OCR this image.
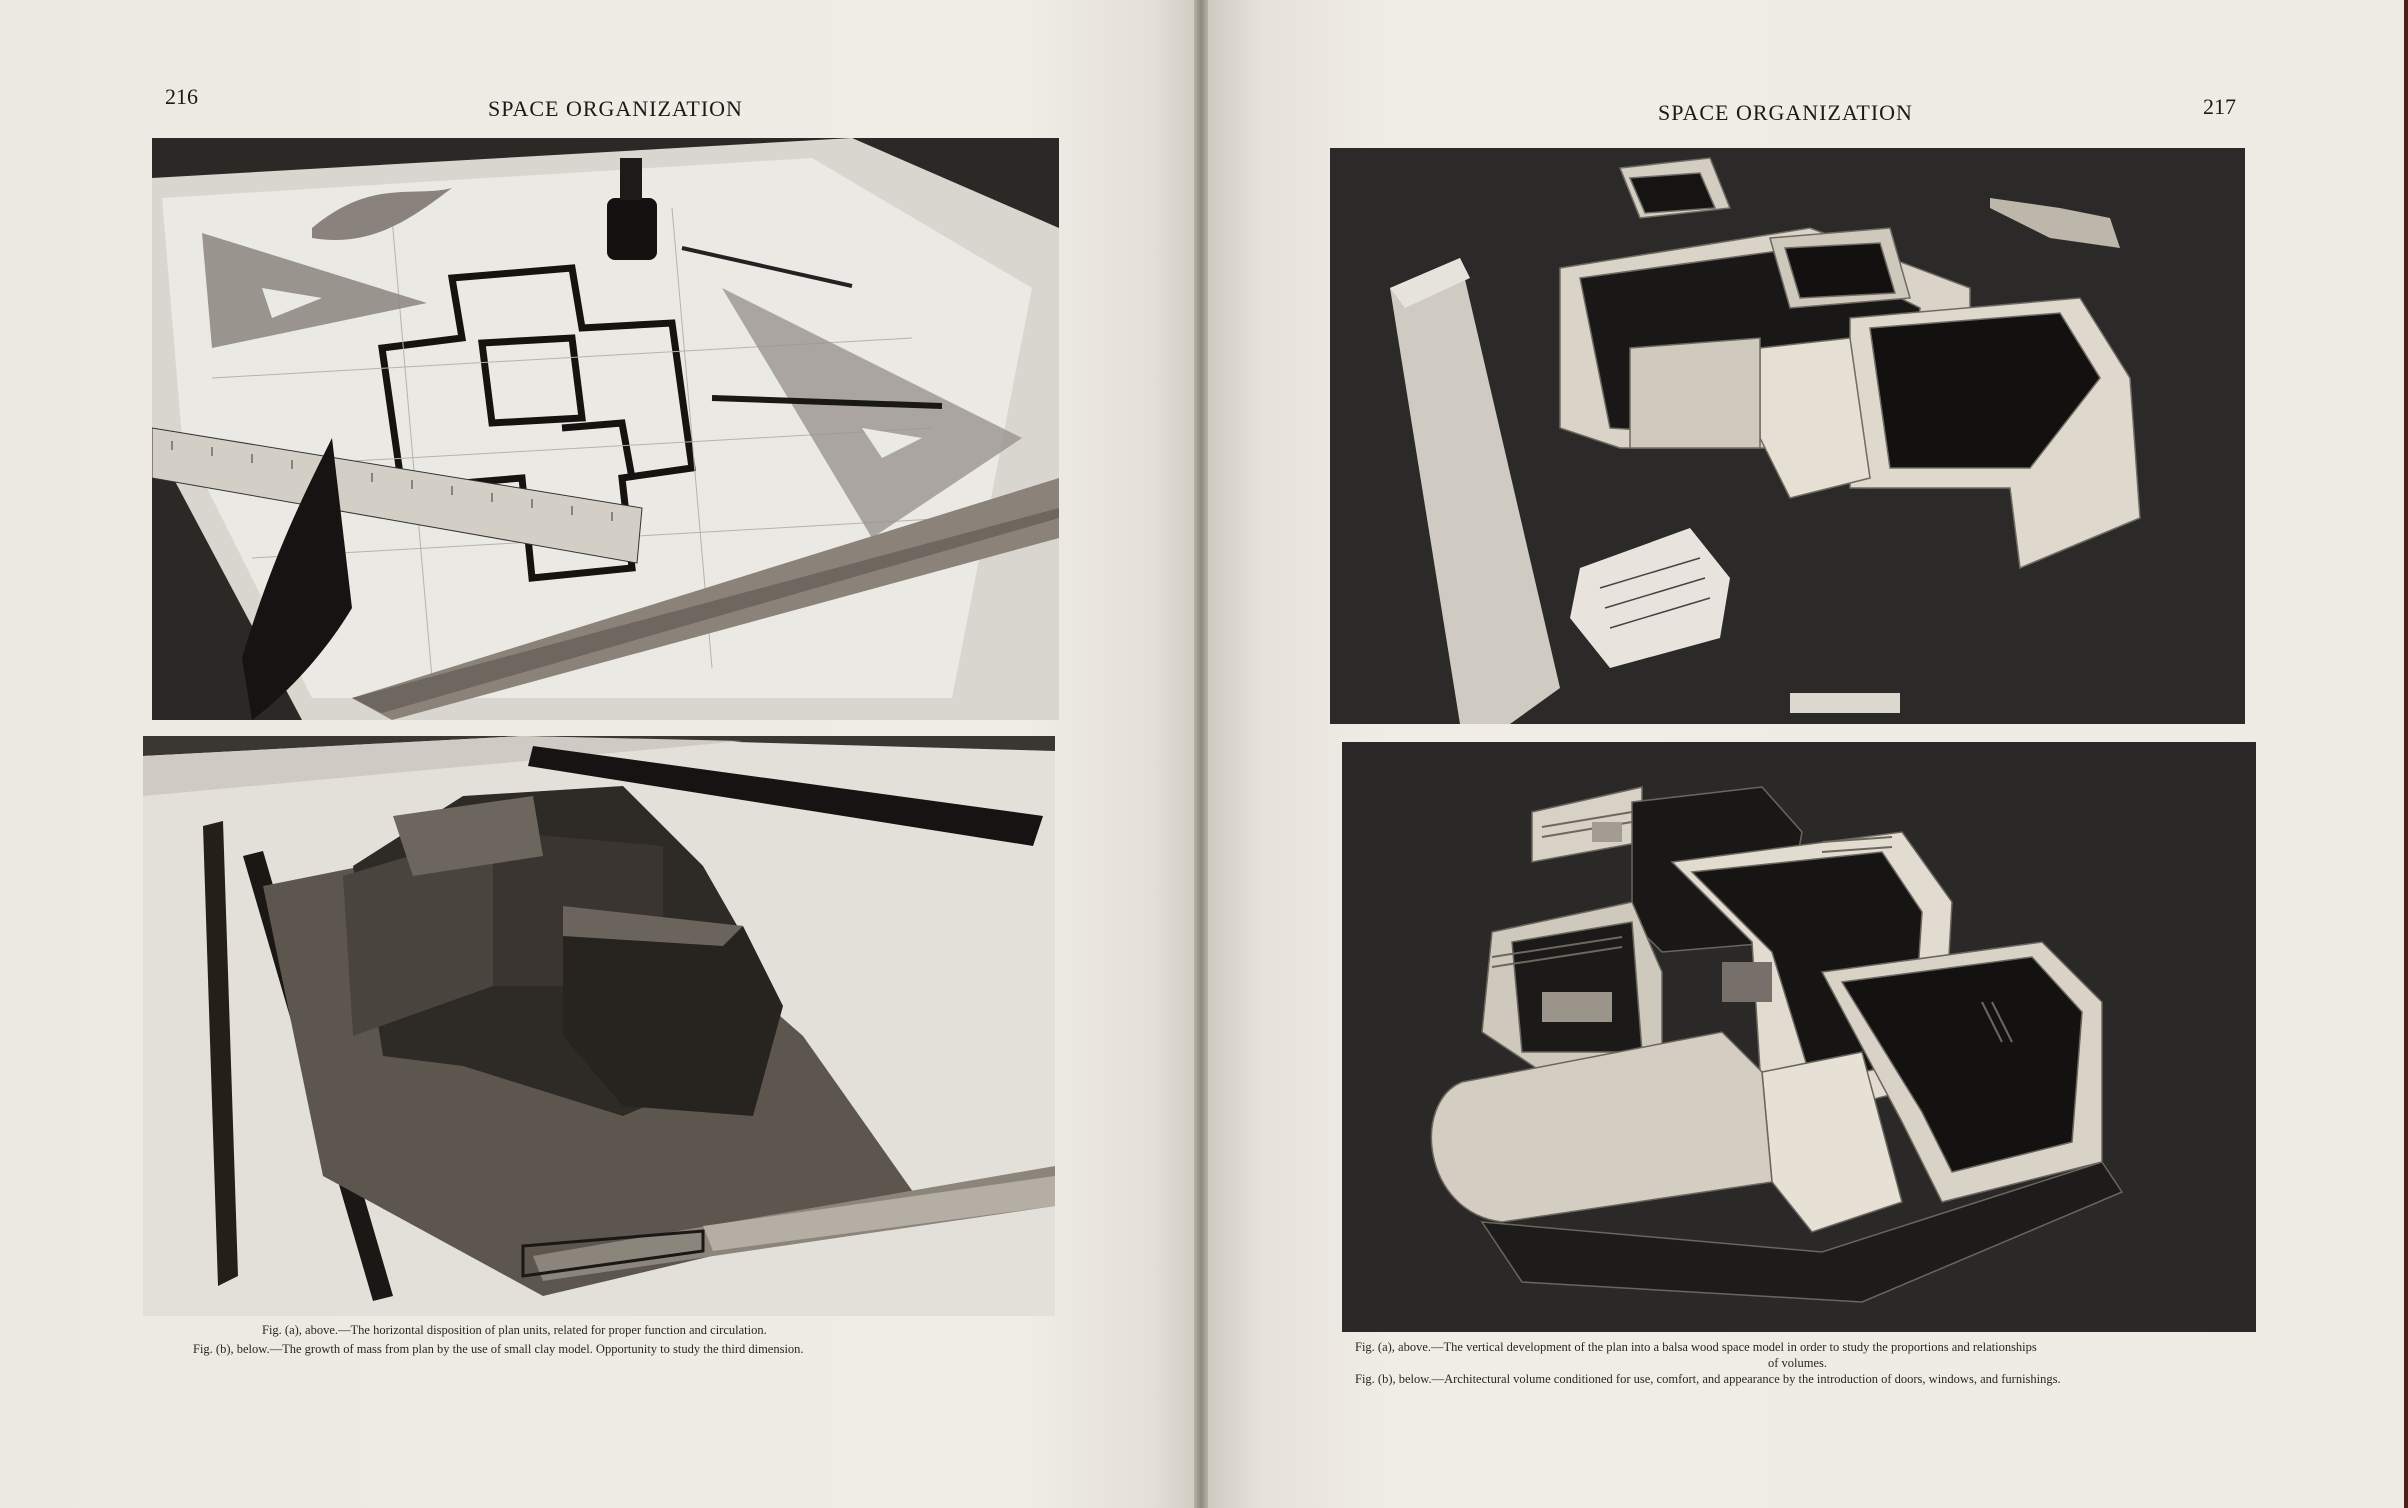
216	SPACE ORGANIZATION
Fig. (a), above.—The horizontal disposition of plan units, related for proper function and circulation.
Fig. (b), below.—The growth of mass from plan by the use of small clay model. Opportunity to study the third dimension.
SPACE ORGANIZATION	217
Fig. (a), above.—The vertical development of the plan into a balsa wood space model in order to study the proportions and relationships
of volumes.
Fig. (b), below.—Architectural volume conditioned for use, comfort, and appearance by the introduction of doors, windows, and furnishings.
